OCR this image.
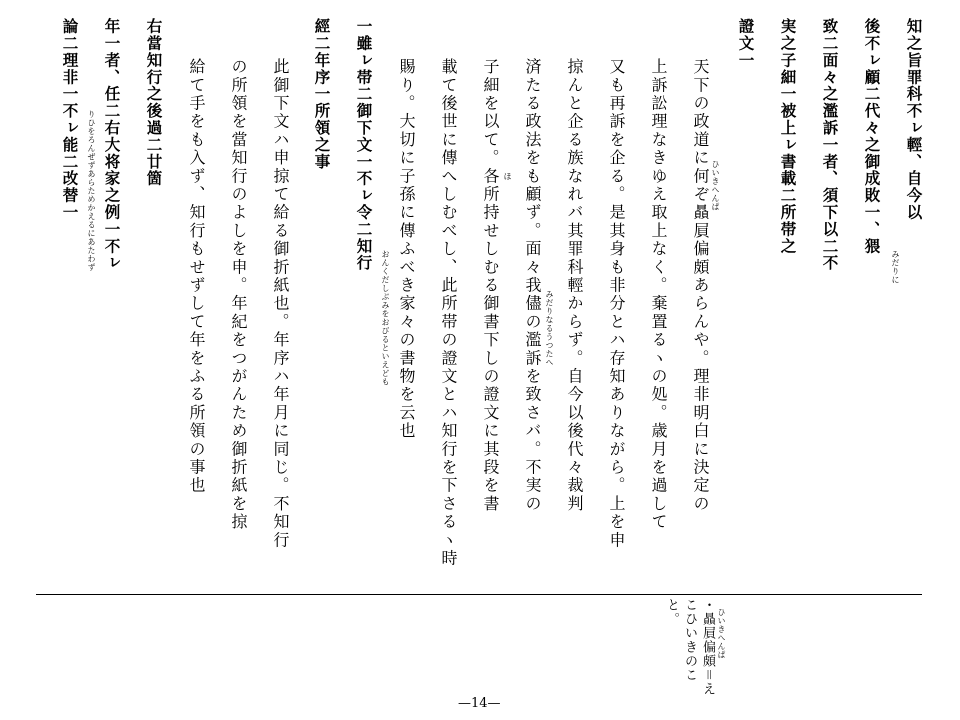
知之旨罪科不ㇾ輕、自今以
後不ㇾ顧二代々之御成敗一、猥
致二面々之濫訴一者、須下以二不
実之子細一被上ㇾ書載二所帯之
證文一
天下の政道に何ぞ贔屓偏頗あらんや。理非明白に決定の
上訴訟理なきゆえ取上なく。棄置るヽの処。歳月を過して
又も再訴を企る。是其身も非分とハ存知ありながら。上を申
掠んと企る族なれバ其罪科輕からず。自今以後代々裁判
済たる政法をも顧ず。面々我儘の濫訴を致さバ。不実の
子細を以て。各所持せしむる御書下しの證文に其段を書
載て後世に傳へしむべし、此所帯の證文とハ知行を下さるヽ時
賜り。大切に子孫に傳ふべき家々の書物を云也
一雖ㇾ帯二御下文一不ㇾ令二知行
經二年序一所領之事
此御下文ハ申掠て給る御折紙也。年序ハ年月に同じ。不知行
の所領を當知行のよしを申。年紀をつがんため御折紙を掠
給て手をも入ず、知行もせずして年をふる所領の事也
右當知行之後過二廿箇
年一者、任二右大将家之例一不ㇾ
論二理非一不ㇾ能二改替一
みだりに
ひいきへんぱ
みだりなるうつたへ
ほ
おんくだしぶみをおびるといえども
りひをろんぜずあらためかえるにあたわず
ひいきへんぱ
・贔屓偏頗＝え
こひいきのこ
と。
—14—
